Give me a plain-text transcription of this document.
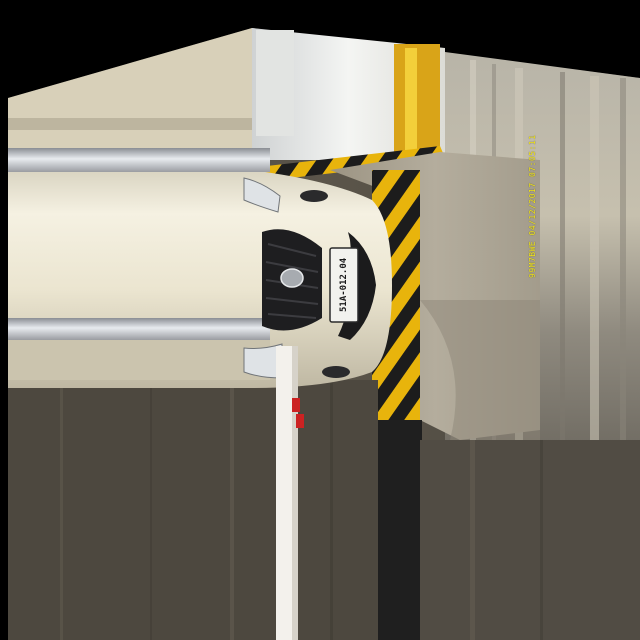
51A-012.04
99M7BWE 04/12/2017 07:05:11
